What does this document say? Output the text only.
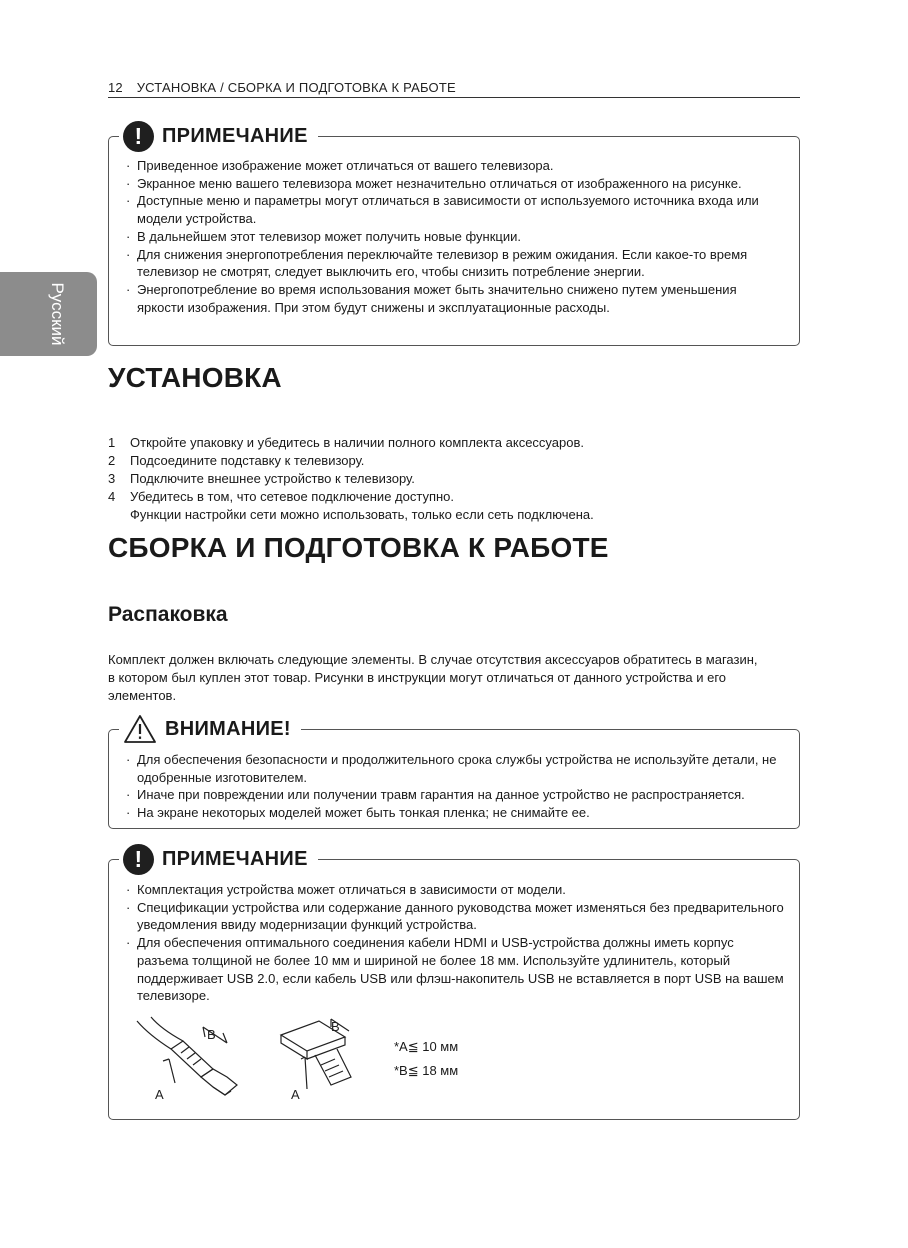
12 УСТАНОВКА / СБОРКА И ПОДГОТОВКА К РАБОТЕ
Русский
! ПРИМЕЧАНИЕ
· Приведенное изображение может отличаться от вашего телевизора.
· Экранное меню вашего телевизора может незначительно отличаться от изображенного на рисунке.
· Доступные меню и параметры могут отличаться в зависимости от используемого источника входа или модели устройства.
· В дальнейшем этот телевизор может получить новые функции.
· Для снижения энергопотребления переключайте телевизор в режим ожидания. Если какое-то время телевизор не смотрят, следует выключить его, чтобы снизить потребление энергии.
· Энергопотребление во время использования может быть значительно снижено путем уменьшения яркости изображения. При этом будут снижены и эксплуатационные расходы.
УСТАНОВКА
1	Откройте упаковку и убедитесь в наличии полного комплекта аксессуаров.
2	Подсоедините подставку к телевизору.
3	Подключите внешнее устройство к телевизору.
4	Убедитесь в том, что сетевое подключение доступно.
Функции настройки сети можно использовать, только если сеть подключена.
СБОРКА И ПОДГОТОВКА К РАБОТЕ
Распаковка
Комплект должен включать следующие элементы. В случае отсутствия аксессуаров обратитесь в магазин, в котором был куплен этот товар. Рисунки в инструкции могут отличаться от данного устройства и его элементов.
ВНИМАНИЕ!
· Для обеспечения безопасности и продолжительного срока службы устройства не используйте детали, не одобренные изготовителем.
· Иначе при повреждении или получении травм гарантия на данное устройство не распространяется.
· На экране некоторых моделей может быть тонкая пленка; не снимайте ее.
! ПРИМЕЧАНИЕ
· Комплектация устройства может отличаться в зависимости от модели.
· Спецификации устройства или содержание данного руководства может изменяться без предварительного уведомления ввиду модернизации функций устройства.
· Для обеспечения оптимального соединения кабели HDMI и USB-устройства должны иметь корпус разъема толщиной не более 10 мм и шириной не более 18 мм. Используйте удлинитель, который поддерживает USB 2.0, если кабель USB или флэш-накопитель USB не вставляется в порт USB на вашем телевизоре.
A
B
A
B
*A≦ 10 мм
*B≦ 18 мм
